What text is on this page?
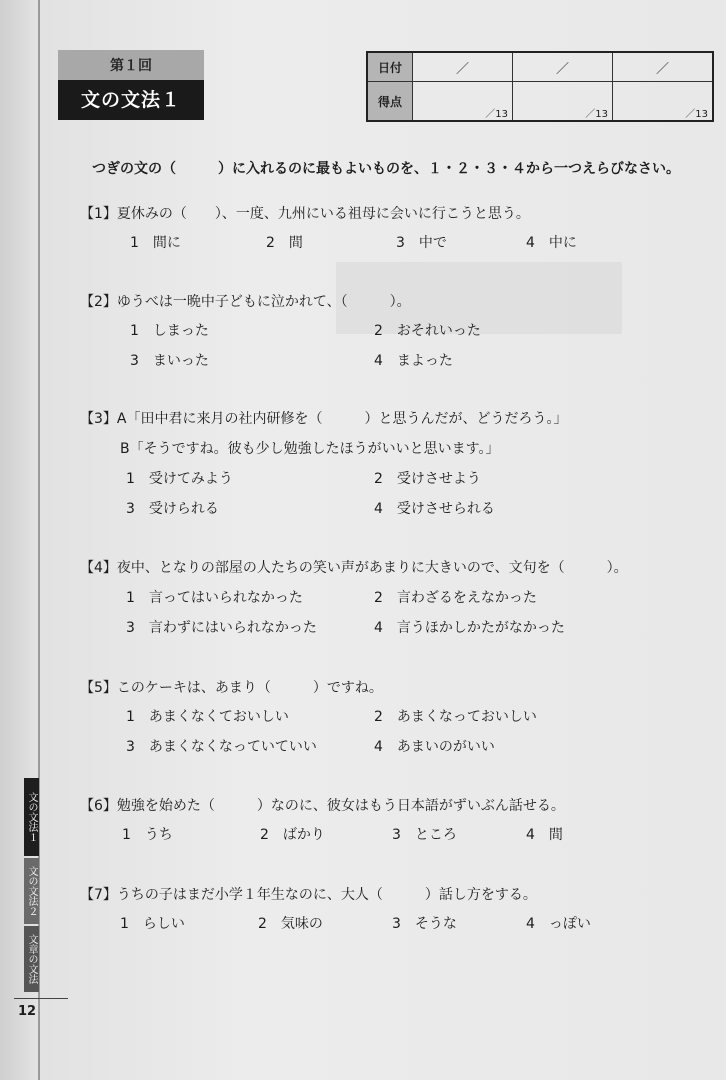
第１回
文の文法１
日付	／	／	／
得点	／13	／13	／13
つぎの文の（　　　）に入れるのに最もよいものを、１・２・３・４から一つえらびなさい。
【1】夏休みの（　　）、一度、九州にいる祖母に会いに行こうと思う。
1　間に	2　間	3　中で	4　中に
【2】ゆうべは一晩中子どもに泣かれて、（　　　）。
1　しまった	2　おそれいった
3　まいった	4　まよった
【3】A「田中君に来月の社内研修を（　　　）と思うんだが、どうだろう。」
B「そうですね。彼も少し勉強したほうがいいと思います。」
1　受けてみよう	2　受けさせよう
3　受けられる	4　受けさせられる
【4】夜中、となりの部屋の人たちの笑い声があまりに大きいので、文句を（　　　）。
1　言ってはいられなかった	2　言わざるをえなかった
3　言わずにはいられなかった	4　言うほかしかたがなかった
【5】このケーキは、あまり（　　　）ですね。
1　あまくなくておいしい	2　あまくなっておいしい
3　あまくなくなっていていい	4　あまいのがいい
【6】勉強を始めた（　　　）なのに、彼女はもう日本語がずいぶん話せる。
1　うち	2　ばかり	3　ところ	4　間
【7】うちの子はまだ小学１年生なのに、大人（　　　）話し方をする。
1　らしい	2　気味の	3　そうな	4　っぽい
文の文法１
文の文法２
文章の文法
12
